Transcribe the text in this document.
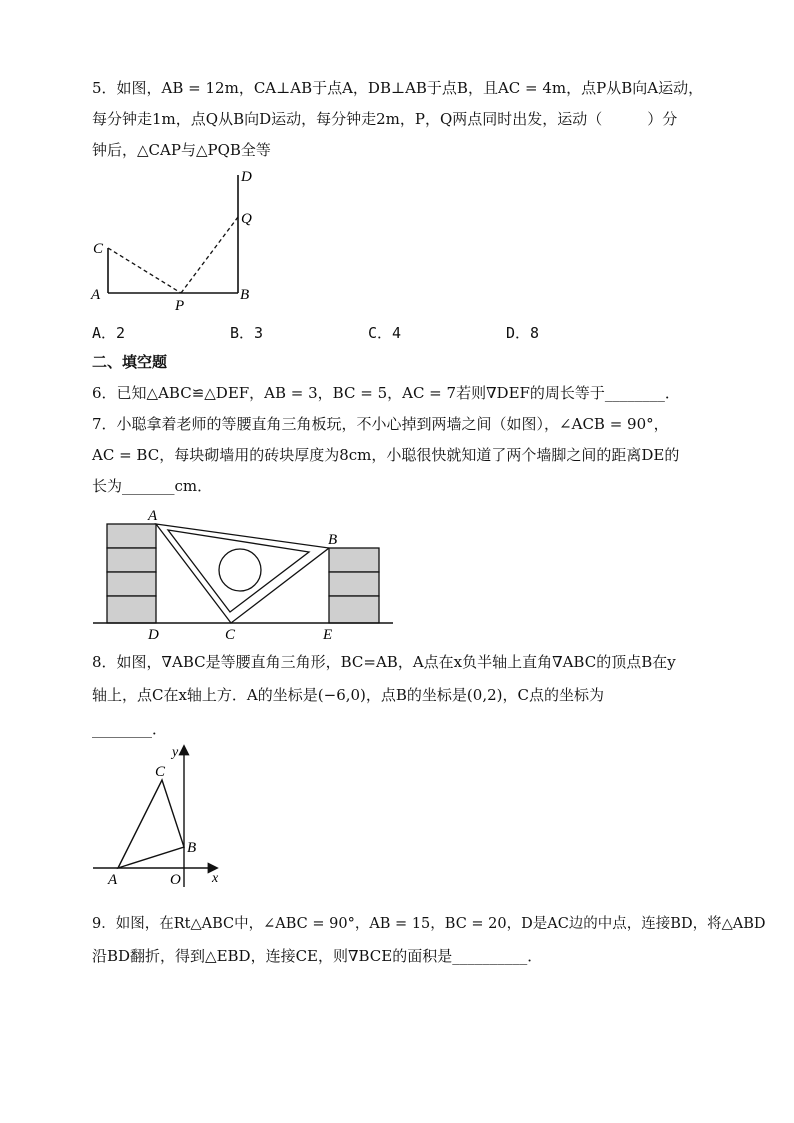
5．如图，AB = 12m，CA⊥AB于点A，DB⊥AB于点B，且AC = 4m，点P从B向A运动，
每分钟走1m，点Q从B向D运动，每分钟走2m，P，Q两点同时出发，运动（　　　）分
钟后，△CAP与△PQB全等
C
A
P
B
Q
D
A．2	B．3	C．4	D．8
二、填空题
6．已知△ABC≌△DEF，AB = 3，BC = 5，AC = 7若则∇DEF的周长等于________．
7．小聪拿着老师的等腰直角三角板玩，不小心掉到两墙之间（如图），∠ACB = 90°，
AC = BC，每块砌墙用的砖块厚度为8cm，小聪很快就知道了两个墙脚之间的距离DE的
长为_______cm．
A
B
C
D	E
8．如图，∇ABC是等腰直角三角形，BC=AB，A点在x负半轴上直角∇ABC的顶点B在y
轴上，点C在x轴上方．A的坐标是(−6,0)，点B的坐标是(0,2)，C点的坐标为
________．
y
x
C
B
A	O
9．如图，在Rt△ABC中，∠ABC = 90°，AB = 15，BC = 20，D是AC边的中点，连接BD，将△ABD
沿BD翻折，得到△EBD，连接CE，则∇BCE的面积是__________．
